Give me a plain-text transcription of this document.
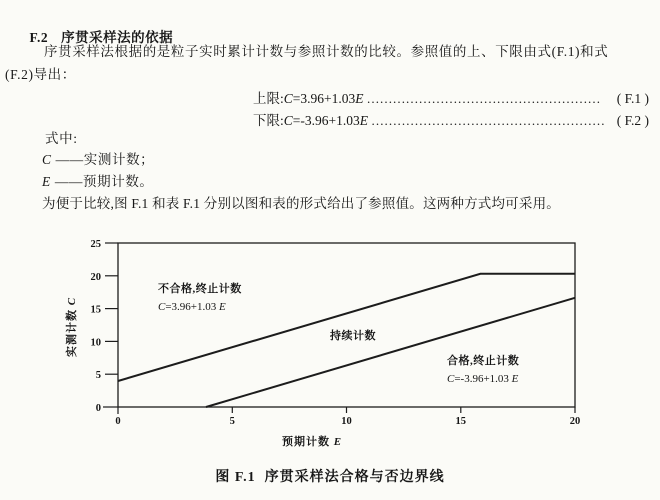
F.2 序贯采样法的依据

序贯采样法根据的是粒子实时累计计数与参照计数的比较。参照值的上、下限由式(F.1)和式
(F.2)导出：
上限:C=3.96+1.03E ………………………………………………	( F.1 )
下限:C=-3.96+1.03E ……………………………………………… ( F.2 )
式中:
C ——实测计数；
E ——预期计数。
为便于比较,图 F.1 和表 F.1 分别以图和表的形式给出了参照值。这两种方式均可采用。
25
20
15
10
5
0
0	5	10	15	20
不合格,终止计数
C=3.96+1.03 E
持续计数
合格,终止计数
C=-3.96+1.03 E
实测计数 C
预期计数 E
图 F.1  序贯采样法合格与否边界线
